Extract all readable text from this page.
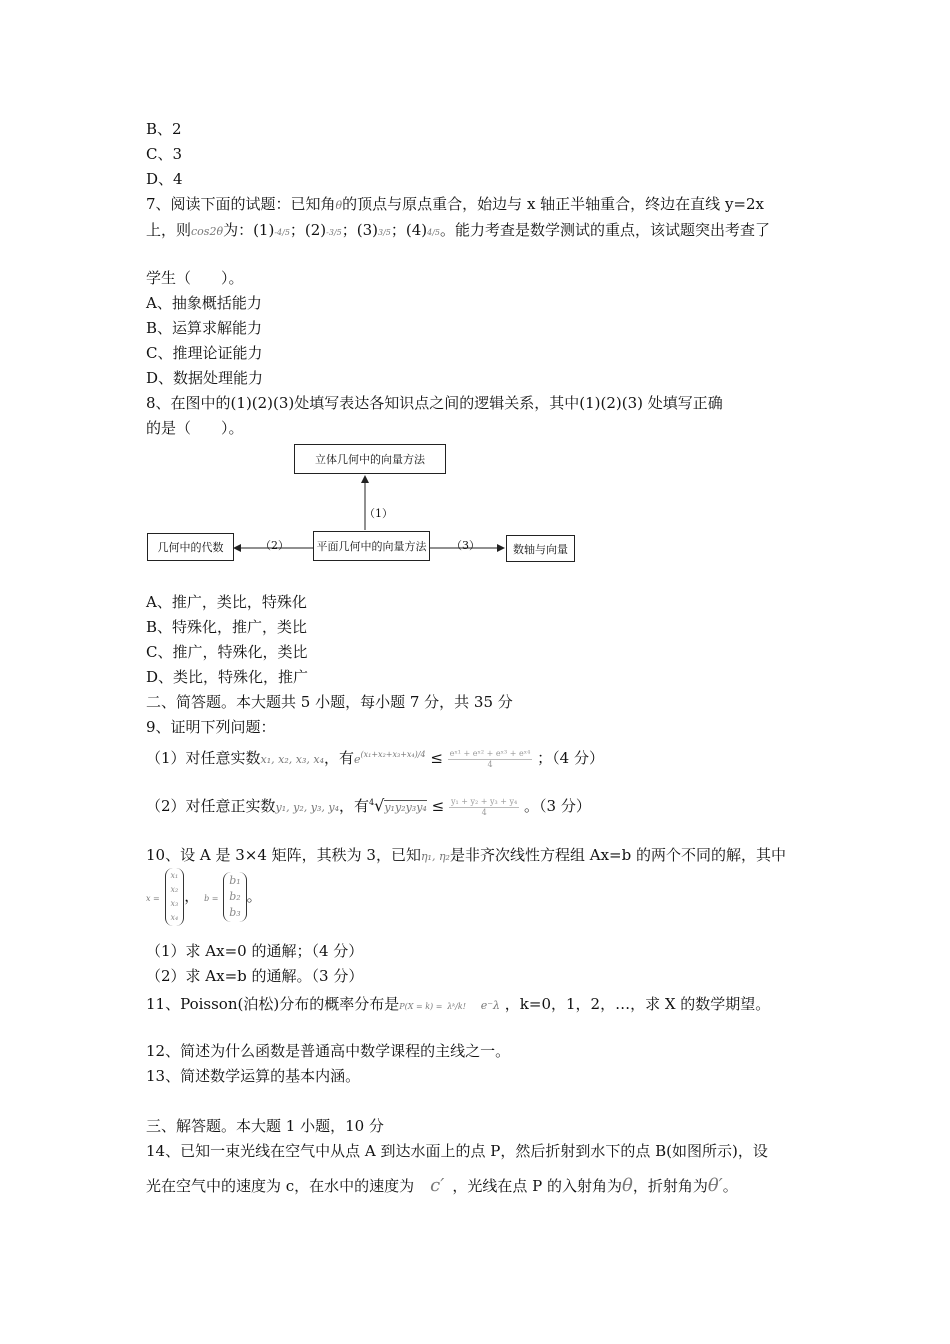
B、2
C、3
D、4
7、阅读下面的试题：已知角θ的顶点与原点重合，始边与 x 轴正半轴重合，终边在直线 y=2x
上，则cos2θ为：(1)-4/5；(2)-3/5；(3)3/5；(4)4/5。能力考查是数学测试的重点，该试题突出考查了
学生（　　）。
A、抽象概括能力
B、运算求解能力
C、推理论证能力
D、数据处理能力
8、在图中的(1)(2)(3)处填写表达各知识点之间的逻辑关系，其中(1)(2)(3) 处填写正确
的是（　　）。
立体几何中的向量方法
平面几何中的向量方法
几何中的代数	数轴与向量
（1）
（2）	（3）
A、推广，类比，特殊化
B、特殊化，推广，类比
C、推广，特殊化，类比
D、类比，特殊化，推广
二、简答题。本大题共 5 小题，每小题 7 分，共 35 分
9、证明下列问题：
（1）对任意实数x₁, x₂, x₃, x₄，有$e^{(x_1+x_2+x_3+x_4)/4} \le \frac{\text{eˣ¹ + eˣ² + eˣ³ + eˣ⁴}}{4}$ ；（4 分）
（2）对任意正实数y₁, y₂, y₃, y₄，有$^4√y_1y_2y_3y_4 \le \frac{\text{y₁ + y₂ + y₃ + y₄}}{4}$ 。（3 分）
10、设 A 是 3×4 矩阵，其秩为 3，已知η₁, η₂是非齐次线性方程组 Ax=b 的两个不同的解，其中
x = x₁
x₂
x₃
x₄， b = b₁
b₂
b₃。
（1）求 Ax=0 的通解；（4 分）
（2）求 Ax=b 的通解。（3 分）
11、Poisson(泊松)分布的概率分布是P(X = k) = λᵏ/k! e⁻λ ，k=0，1，2，…，求 X 的数学期望。
12、简述为什么函数是普通高中数学课程的主线之一。
13、简述数学运算的基本内涵。
三、解答题。本大题 1 小题，10 分
14、已知一束光线在空气中从点 A 到达水面上的点 P，然后折射到水下的点 B(如图所示)，设
光在空气中的速度为 c，在水中的速度为 c′ ，光线在点 P 的入射角为θ，折射角为θ′。
